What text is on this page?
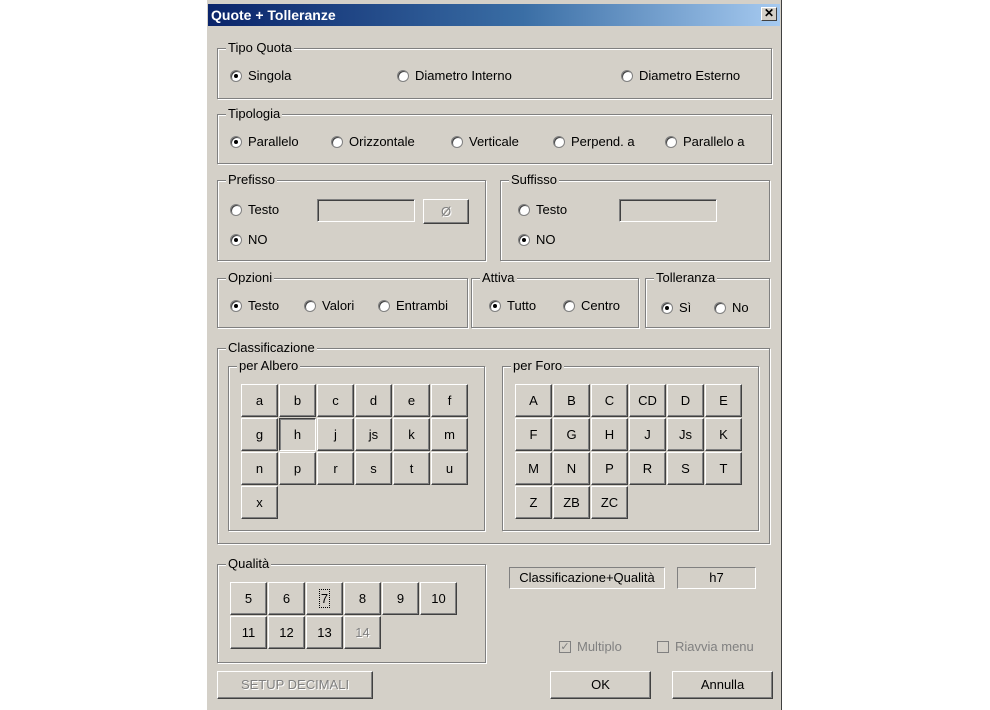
Quote + Tolleranze	✕
Tipo Quota
Singola	Diametro Interno	Diametro Esterno
Tipologia
Parallelo	Orizzontale	Verticale	Perpend. a	Parallelo a
Prefisso
Testo
NO
Ø
Suffisso
Testo
NO
Opzioni
Testo	Valori	Entrambi
Attiva
Tutto	Centro
Tolleranza
Sì	No
Classificazione
per Albero
a	b	c	d	e	f
g	h	j	js	k	m
n	p	r	s	t	u
x
per Foro
A	B	C	CD	D	E
F	G	H	J	Js	K
M	N	P	R	S	T
Z	ZB	ZC
Qualità
5	6	7	8	9	10
11	12	13	14
Classificazione+Qualità	h7
✓ Multiplo	Riavvia menu
SETUP DECIMALI	OK	Annulla
